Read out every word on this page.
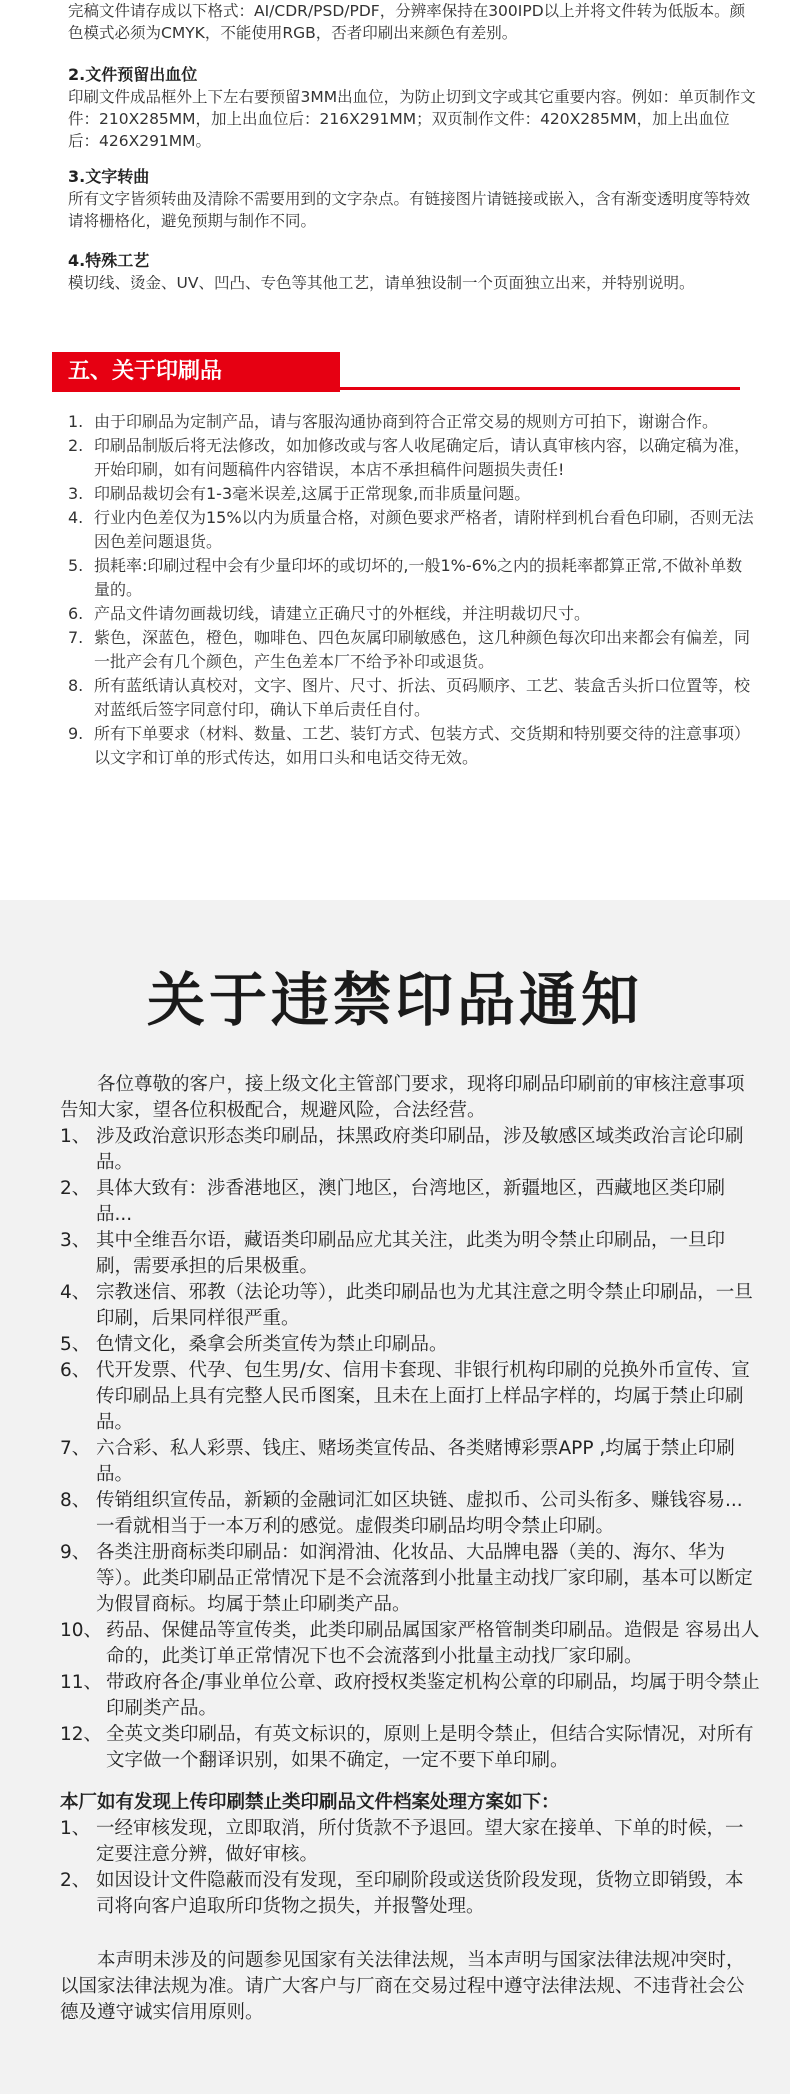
完稿文件请存成以下格式：AI/CDR/PSD/PDF，分辨率保持在300IPD以上并将文件转为低版本。颜色模式必须为CMYK，不能使用RGB，否者印刷出来颜色有差别。
2.文件预留出血位
印刷文件成品框外上下左右要预留3MM出血位，为防止切到文字或其它重要内容。例如：单页制作文件：210X285MM，加上出血位后：216X291MM；双页制作文件：420X285MM，加上出血位后：426X291MM。
3.文字转曲
所有文字皆须转曲及清除不需要用到的文字杂点。有链接图片请链接或嵌入，含有渐变透明度等特效请将栅格化，避免预期与制作不同。
4.特殊工艺
模切线、烫金、UV、凹凸、专色等其他工艺，请单独设制一个页面独立出来，并特别说明。
五、关于印刷品
1. 由于印刷品为定制产品，请与客服沟通协商到符合正常交易的规则方可拍下，谢谢合作。
2. 印刷品制版后将无法修改，如加修改或与客人收尾确定后，请认真审核内容，以确定稿为准，开始印刷，如有问题稿件内容错误，本店不承担稿件问题损失责任!
3. 印刷品裁切会有1-3毫米误差,这属于正常现象,而非质量问题。
4. 行业内色差仅为15%以内为质量合格，对颜色要求严格者，请附样到机台看色印刷，否则无法因色差问题退货。
5. 损耗率:印刷过程中会有少量印坏的或切坏的,一般1%-6%之内的损耗率都算正常,不做补单数量的。
6. 产品文件请勿画裁切线，请建立正确尺寸的外框线，并注明裁切尺寸。
7. 紫色，深蓝色，橙色，咖啡色、四色灰属印刷敏感色，这几种颜色每次印出来都会有偏差，同一批产会有几个颜色，产生色差本厂不给予补印或退货。
8. 所有蓝纸请认真校对，文字、图片、尺寸、折法、页码顺序、工艺、装盒舌头折口位置等，校对蓝纸后签字同意付印，确认下单后责任自付。
9. 所有下单要求（材料、数量、工艺、装钉方式、包装方式、交货期和特别要交待的注意事项）以文字和订单的形式传达，如用口头和电话交待无效。
关于违禁印品通知

各位尊敬的客户，接上级文化主管部门要求，现将印刷品印刷前的审核注意事项告知大家，望各位积极配合，规避风险，合法经营。

1、 涉及政治意识形态类印刷品，抹黑政府类印刷品，涉及敏感区域类政治言论印刷品。
2、 具体大致有：涉香港地区，澳门地区，台湾地区，新疆地区，西藏地区类印刷品...
3、 其中全维吾尔语，藏语类印刷品应尤其关注，此类为明令禁止印刷品，一旦印刷，需要承担的后果极重。
4、 宗教迷信、邪教（法论功等），此类印刷品也为尤其注意之明令禁止印刷品，一旦印刷，后果同样很严重。
5、 色情文化，桑拿会所类宣传为禁止印刷品。
6、 代开发票、代孕、包生男/女、信用卡套现、非银行机构印刷的兑换外币宣传、宣传印刷品上具有完整人民币图案，且未在上面打上样品字样的，均属于禁止印刷品。
7、 六合彩、私人彩票、钱庄、赌场类宣传品、各类赌博彩票APP ,均属于禁止印刷品。
8、 传销组织宣传品，新颖的金融词汇如区块链、虚拟币、公司头衔多、赚钱容易...一看就相当于一本万利的感觉。虚假类印刷品均明令禁止印刷。
9、 各类注册商标类印刷品：如润滑油、化妆品、大品牌电器（美的、海尔、华为等）。此类印刷品正常情况下是不会流落到小批量主动找厂家印刷，基本可以断定为假冒商标。均属于禁止印刷类产品。
10、 药品、保健品等宣传类，此类印刷品属国家严格管制类印刷品。造假是 容易出人命的，此类订单正常情况下也不会流落到小批量主动找厂家印刷。
11、 带政府各企/事业单位公章、政府授权类鉴定机构公章的印刷品，均属于明令禁止印刷类产品。
12、 全英文类印刷品，有英文标识的，原则上是明令禁止，但结合实际情况，对所有文字做一个翻译识别，如果不确定，一定不要下单印刷。

本厂如有发现上传印刷禁止类印刷品文件档案处理方案如下：

1、 一经审核发现，立即取消，所付货款不予退回。望大家在接单、下单的时候，一定要注意分辨，做好审核。
2、 如因设计文件隐蔽而没有发现，至印刷阶段或送货阶段发现，货物立即销毁，本司将向客户追取所印货物之损失，并报警处理。

本声明未涉及的问题参见国家有关法律法规，当本声明与国家法律法规冲突时，以国家法律法规为准。请广大客户与厂商在交易过程中遵守法律法规、不违背社会公德及遵守诚实信用原则。
